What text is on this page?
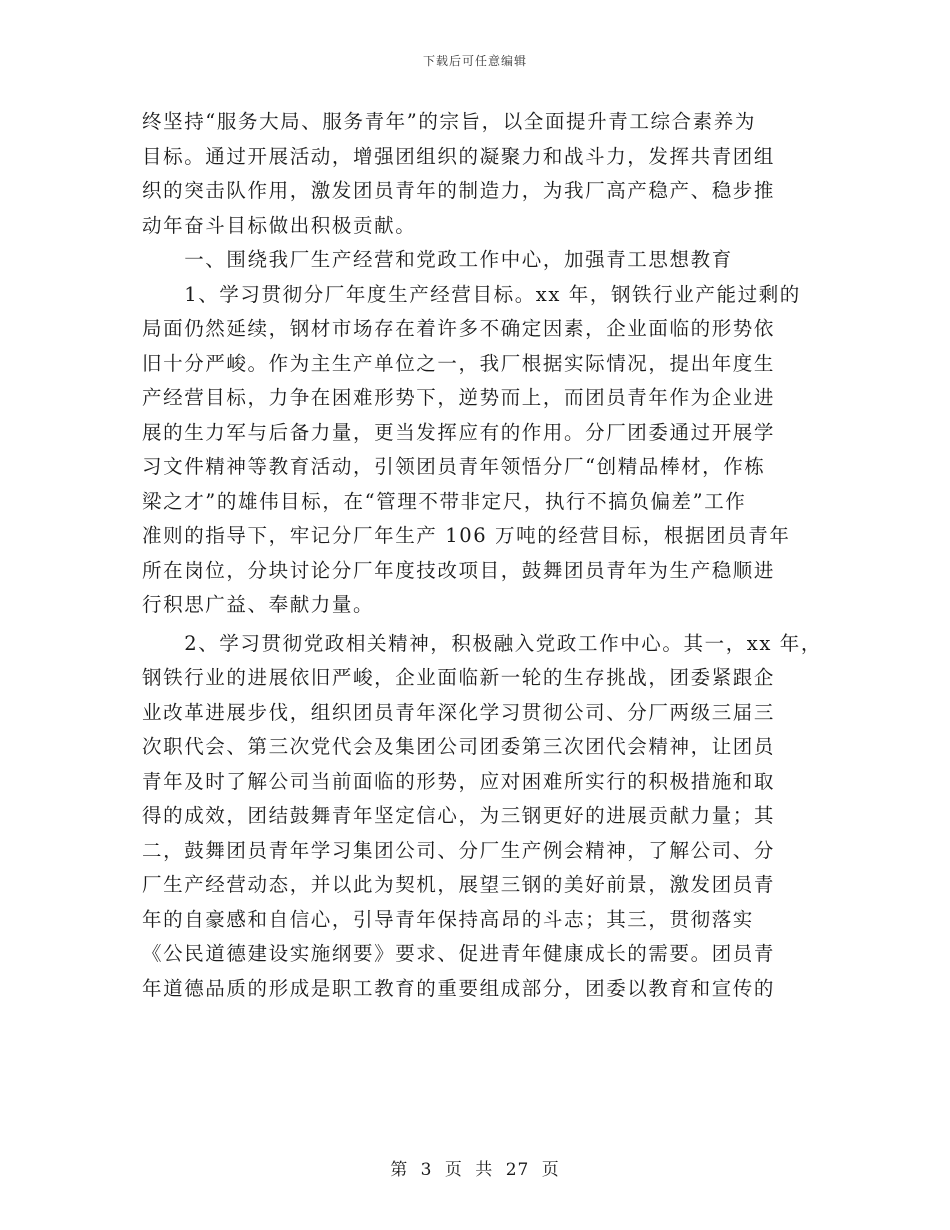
下载后可任意编辑
终坚持“服务大局、服务青年”的宗旨，以全面提升青工综合素养为
目标。通过开展活动，增强团组织的凝聚力和战斗力，发挥共青团组
织的突击队作用，激发团员青年的制造力，为我厂高产稳产、稳步推
动年奋斗目标做出积极贡献。
　　一、围绕我厂生产经营和党政工作中心，加强青工思想教育
　　1、学习贯彻分厂年度生产经营目标。xx 年，钢铁行业产能过剩的
局面仍然延续，钢材市场存在着许多不确定因素，企业面临的形势依
旧十分严峻。作为主生产单位之一，我厂根据实际情况，提出年度生
产经营目标，力争在困难形势下，逆势而上，而团员青年作为企业进
展的生力军与后备力量，更当发挥应有的作用。分厂团委通过开展学
习文件精神等教育活动，引领团员青年领悟分厂“创精品棒材，作栋
梁之才”的雄伟目标，在“管理不带非定尺，执行不搞负偏差”工作
准则的指导下，牢记分厂年生产 106 万吨的经营目标，根据团员青年
所在岗位，分块讨论分厂年度技改项目，鼓舞团员青年为生产稳顺进
行积思广益、奉献力量。
　　2、学习贯彻党政相关精神，积极融入党政工作中心。其一，xx 年，
钢铁行业的进展依旧严峻，企业面临新一轮的生存挑战，团委紧跟企
业改革进展步伐，组织团员青年深化学习贯彻公司、分厂两级三届三
次职代会、第三次党代会及集团公司团委第三次团代会精神，让团员
青年及时了解公司当前面临的形势，应对困难所实行的积极措施和取
得的成效，团结鼓舞青年坚定信心，为三钢更好的进展贡献力量；其
二，鼓舞团员青年学习集团公司、分厂生产例会精神，了解公司、分
厂生产经营动态，并以此为契机，展望三钢的美好前景，激发团员青
年的自豪感和自信心，引导青年保持高昂的斗志；其三，贯彻落实
《公民道德建设实施纲要》要求、促进青年健康成长的需要。团员青
年道德品质的形成是职工教育的重要组成部分，团委以教育和宣传的
第 3 页 共 27 页
